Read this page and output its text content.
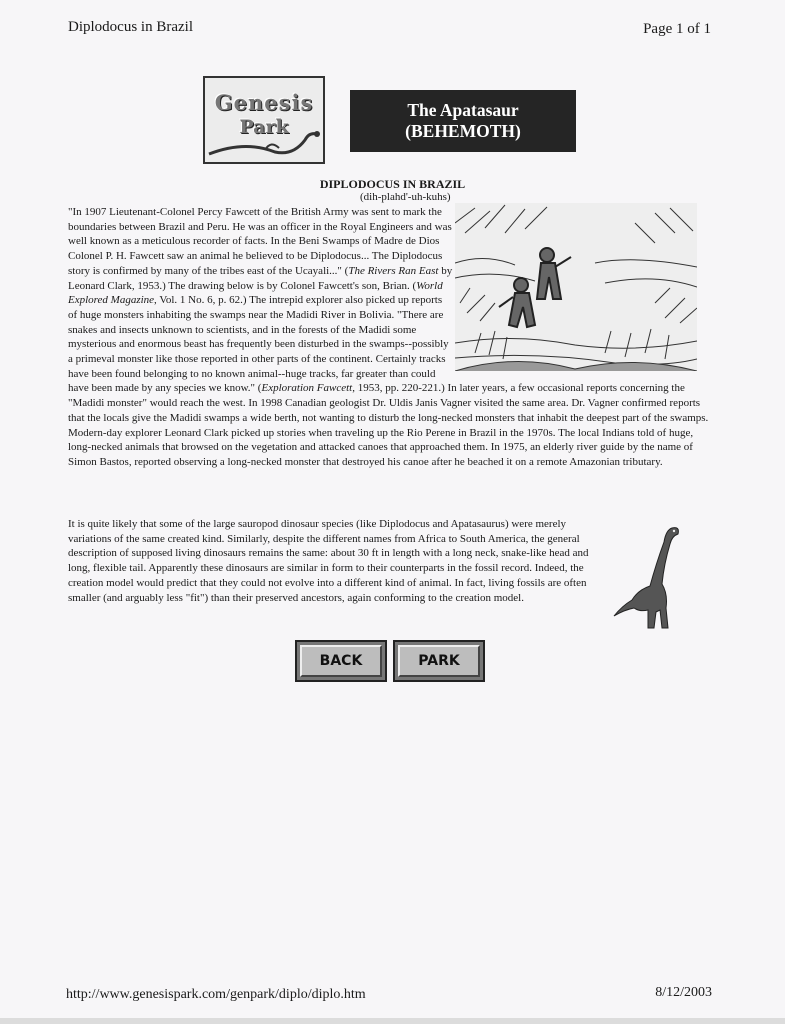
Diplodocus in Brazil	Page 1 of 1
Genesis
Park
The Apatasaur
(BEHEMOTH)
DIPLODOCUS IN BRAZIL
(dih-plahd'-uh-kuhs)

"In 1907 Lieutenant-Colonel Percy Fawcett of the British Army was sent to mark the boundaries between Brazil and Peru. He was an officer in the Royal Engineers and was well known as a meticulous recorder of facts. In the Beni Swamps of Madre de Dios Colonel P. H. Fawcett saw an animal he believed to be Diplodocus... The Diplodocus story is confirmed by many of the tribes east of the Ucayali..." (The Rivers Ran East by Leonard Clark, 1953.) The drawing below is by Colonel Fawcett's son, Brian. (World Explored Magazine, Vol. 1 No. 6, p. 62.) The intrepid explorer also picked up reports of huge monsters inhabiting the swamps near the Madidi River in Bolivia. "There are snakes and insects unknown to scientists, and in the forests of the Madidi some mysterious and enormous beast has frequently been disturbed in the swamps--possibly a primeval monster like those reported in other parts of the continent. Certainly tracks have been found belonging to no known animal--huge tracks, far greater than could have been made by any species we know." (Exploration Fawcett, 1953, pp. 220-221.) In later years, a few occasional reports concerning the "Madidi monster" would reach the west. In 1998 Canadian geologist Dr. Uldis Janis Vagner visited the same area. Dr. Vagner confirmed reports that the locals give the Madidi swamps a wide berth, not wanting to disturb the long-necked monsters that inhabit the deepest part of the swamps. Modern-day explorer Leonard Clark picked up stories when traveling up the Rio Perene in Brazil in the 1970s. The local Indians told of huge, long-necked animals that browsed on the vegetation and attacked canoes that approached them. In 1975, an elderly river guide by the name of Simon Bastos, reported observing a long-necked monster that destroyed his canoe after he beached it on a remote Amazonian tributary.

It is quite likely that some of the large sauropod dinosaur species (like Diplodocus and Apatasaurus) were merely variations of the same created kind. Similarly, despite the different names from Africa to South America, the general description of supposed living dinosaurs remains the same: about 30 ft in length with a long neck, snake-like head and long, flexible tail. Apparently these dinosaurs are similar in form to their counterparts in the fossil record. Indeed, the creation model would predict that they could not evolve into a different kind of animal. In fact, living fossils are often smaller (and arguably less "fit") than their preserved ancestors, again conforming to the creation model.

BACK	PARK
http://www.genesispark.com/genpark/diplo/diplo.htm	8/12/2003
